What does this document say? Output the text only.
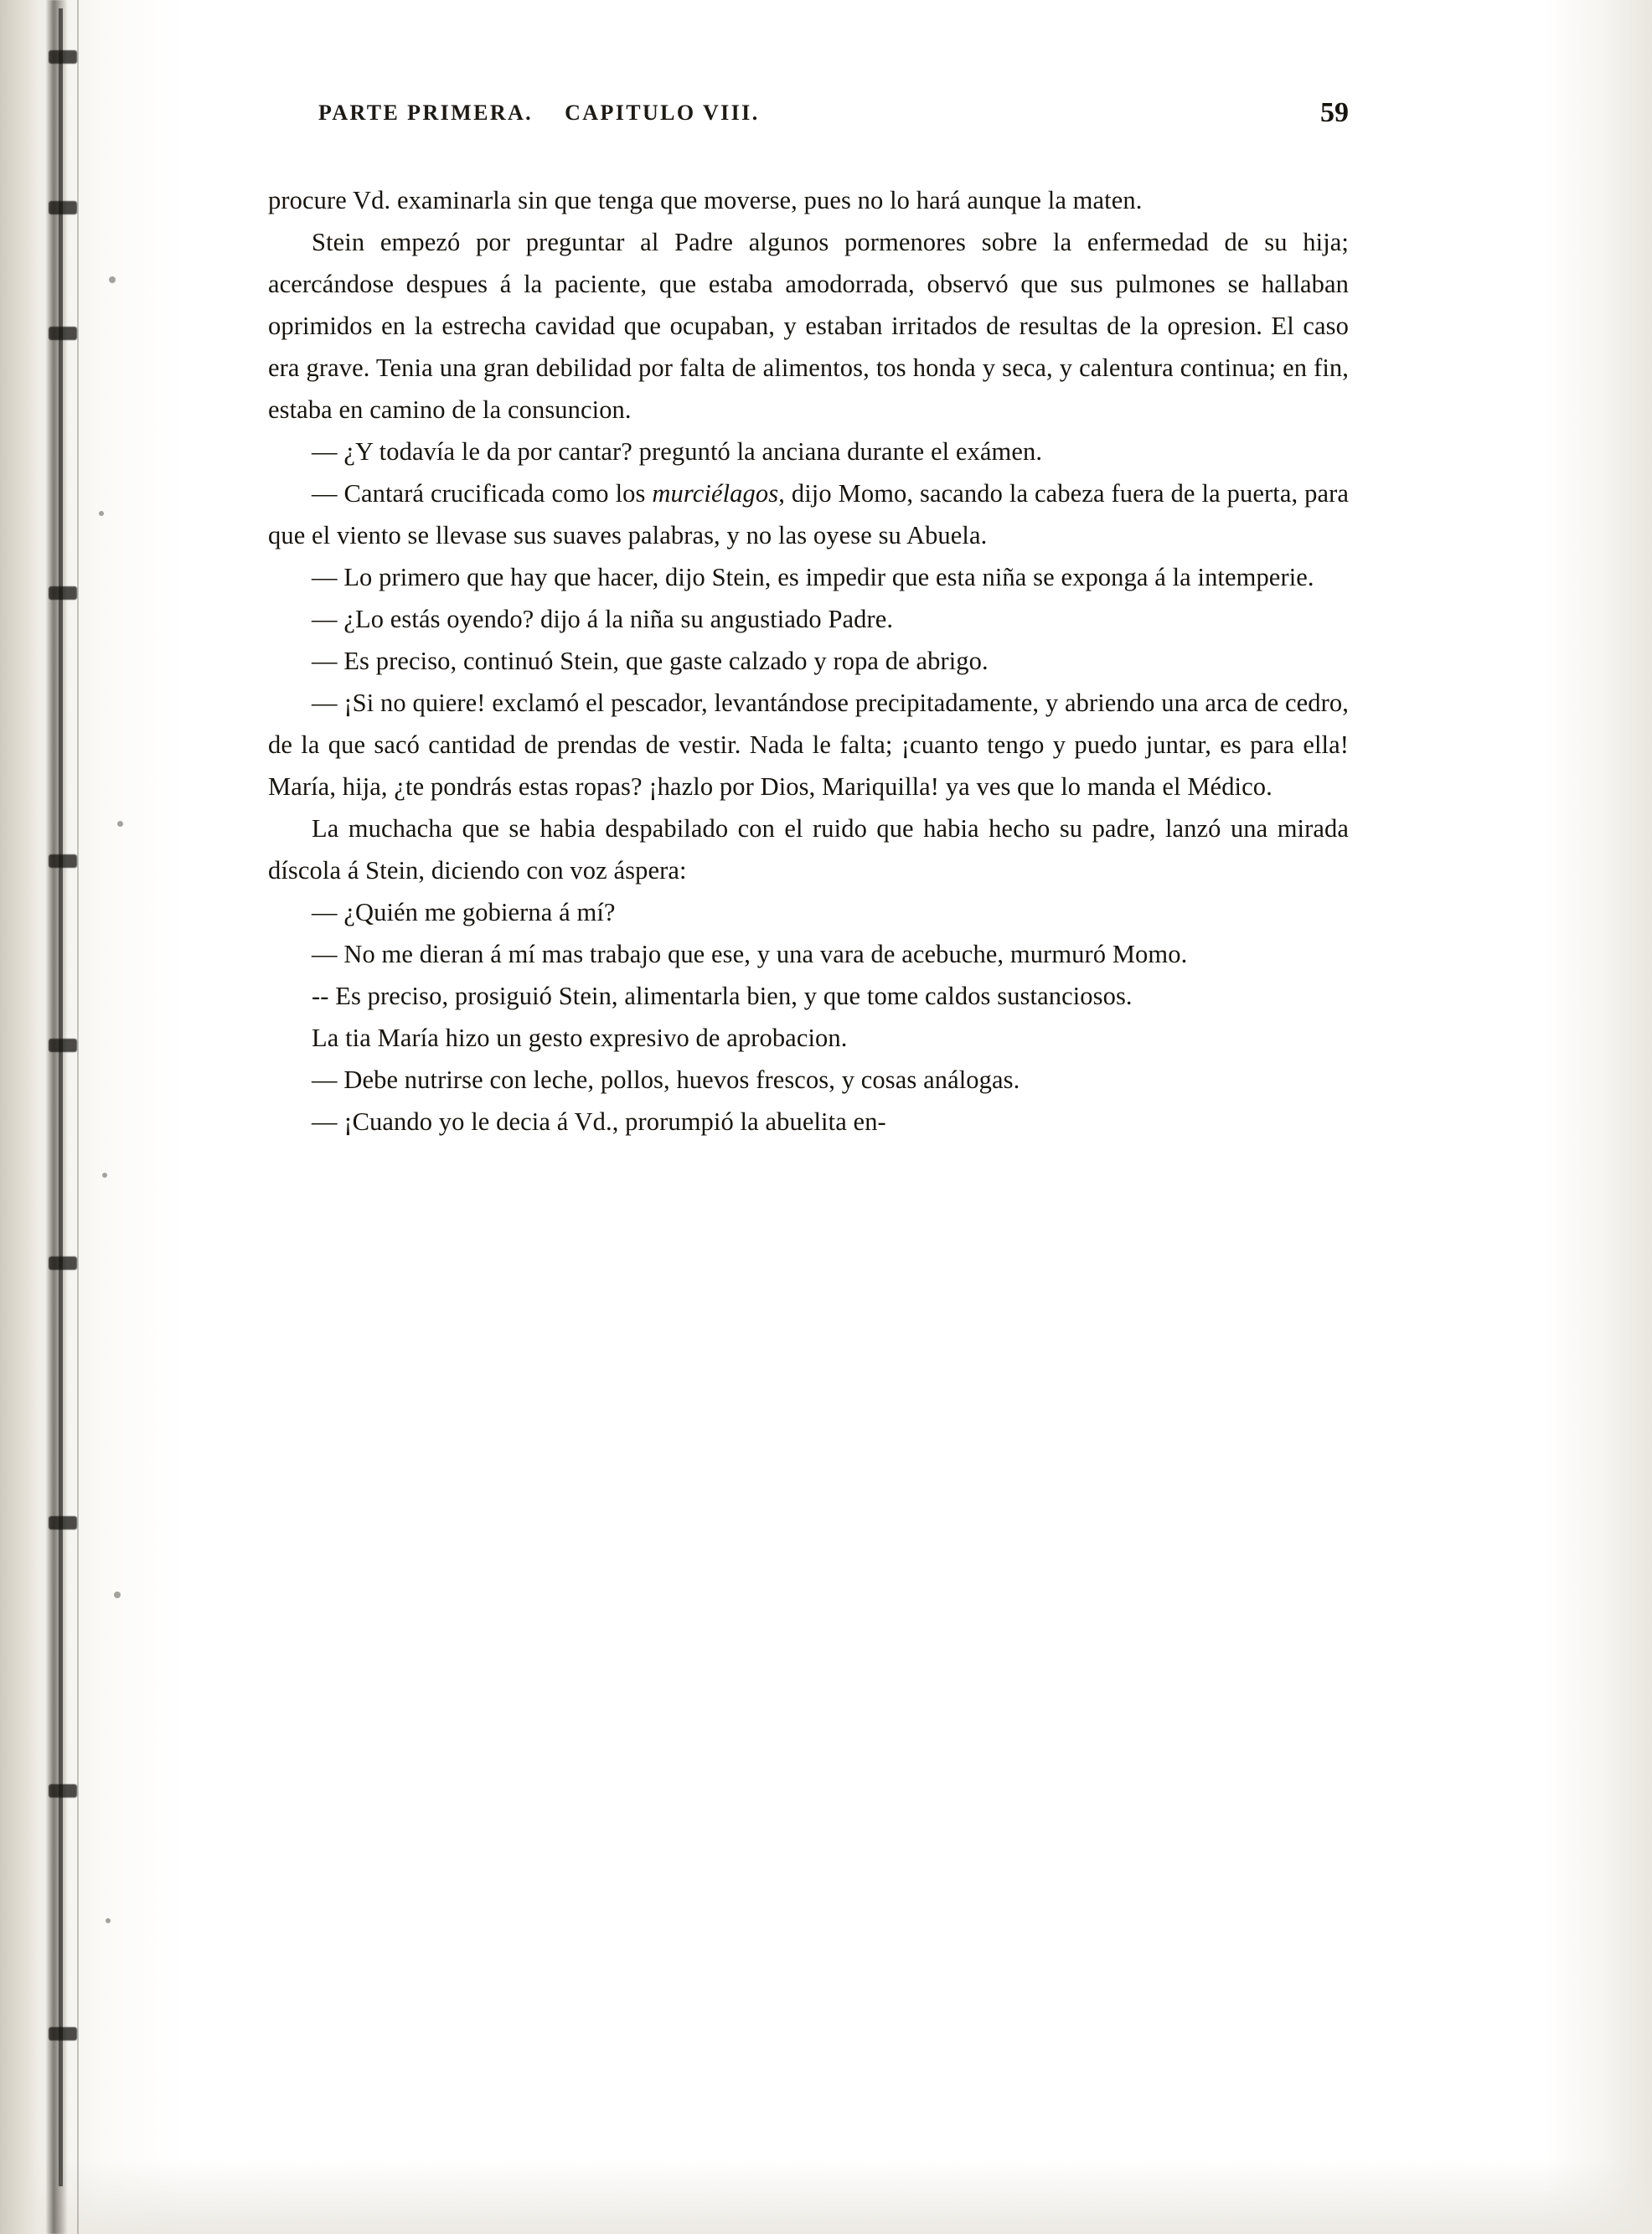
PARTE PRIMERA. CAPITULO VIII.	59

procure Vd. examinarla sin que tenga que moverse, pues no lo hará aunque la maten.

Stein empezó por preguntar al Padre algunos pormenores sobre la enfermedad de su hija; acercándose despues á la paciente, que estaba amodorrada, observó que sus pulmones se hallaban oprimidos en la estrecha cavidad que ocupaban, y estaban irritados de resultas de la opresion. El caso era grave. Tenia una gran debilidad por falta de alimentos, tos honda y seca, y calentura continua; en fin, estaba en camino de la consuncion.

— ¿Y todavía le da por cantar? preguntó la anciana durante el exámen.

— Cantará crucificada como los murciélagos, dijo Momo, sacando la cabeza fuera de la puerta, para que el viento se llevase sus suaves palabras, y no las oyese su Abuela.

— Lo primero que hay que hacer, dijo Stein, es impedir que esta niña se exponga á la intemperie.

— ¿Lo estás oyendo? dijo á la niña su angustiado Padre.

— Es preciso, continuó Stein, que gaste calzado y ropa de abrigo.

— ¡Si no quiere! exclamó el pescador, levantándose precipitadamente, y abriendo una arca de cedro, de la que sacó cantidad de prendas de vestir. Nada le falta; ¡cuanto tengo y puedo juntar, es para ella! María, hija, ¿te pondrás estas ropas? ¡hazlo por Dios, Mariquilla! ya ves que lo manda el Médico.

La muchacha que se habia despabilado con el ruido que habia hecho su padre, lanzó una mirada díscola á Stein, diciendo con voz áspera:

— ¿Quién me gobierna á mí?

— No me dieran á mí mas trabajo que ese, y una vara de acebuche, murmuró Momo.

-- Es preciso, prosiguió Stein, alimentarla bien, y que tome caldos sustanciosos.

La tia María hizo un gesto expresivo de aprobacion.

— Debe nutrirse con leche, pollos, huevos frescos, y cosas análogas.

— ¡Cuando yo le decia á Vd., prorumpió la abuelita en-
